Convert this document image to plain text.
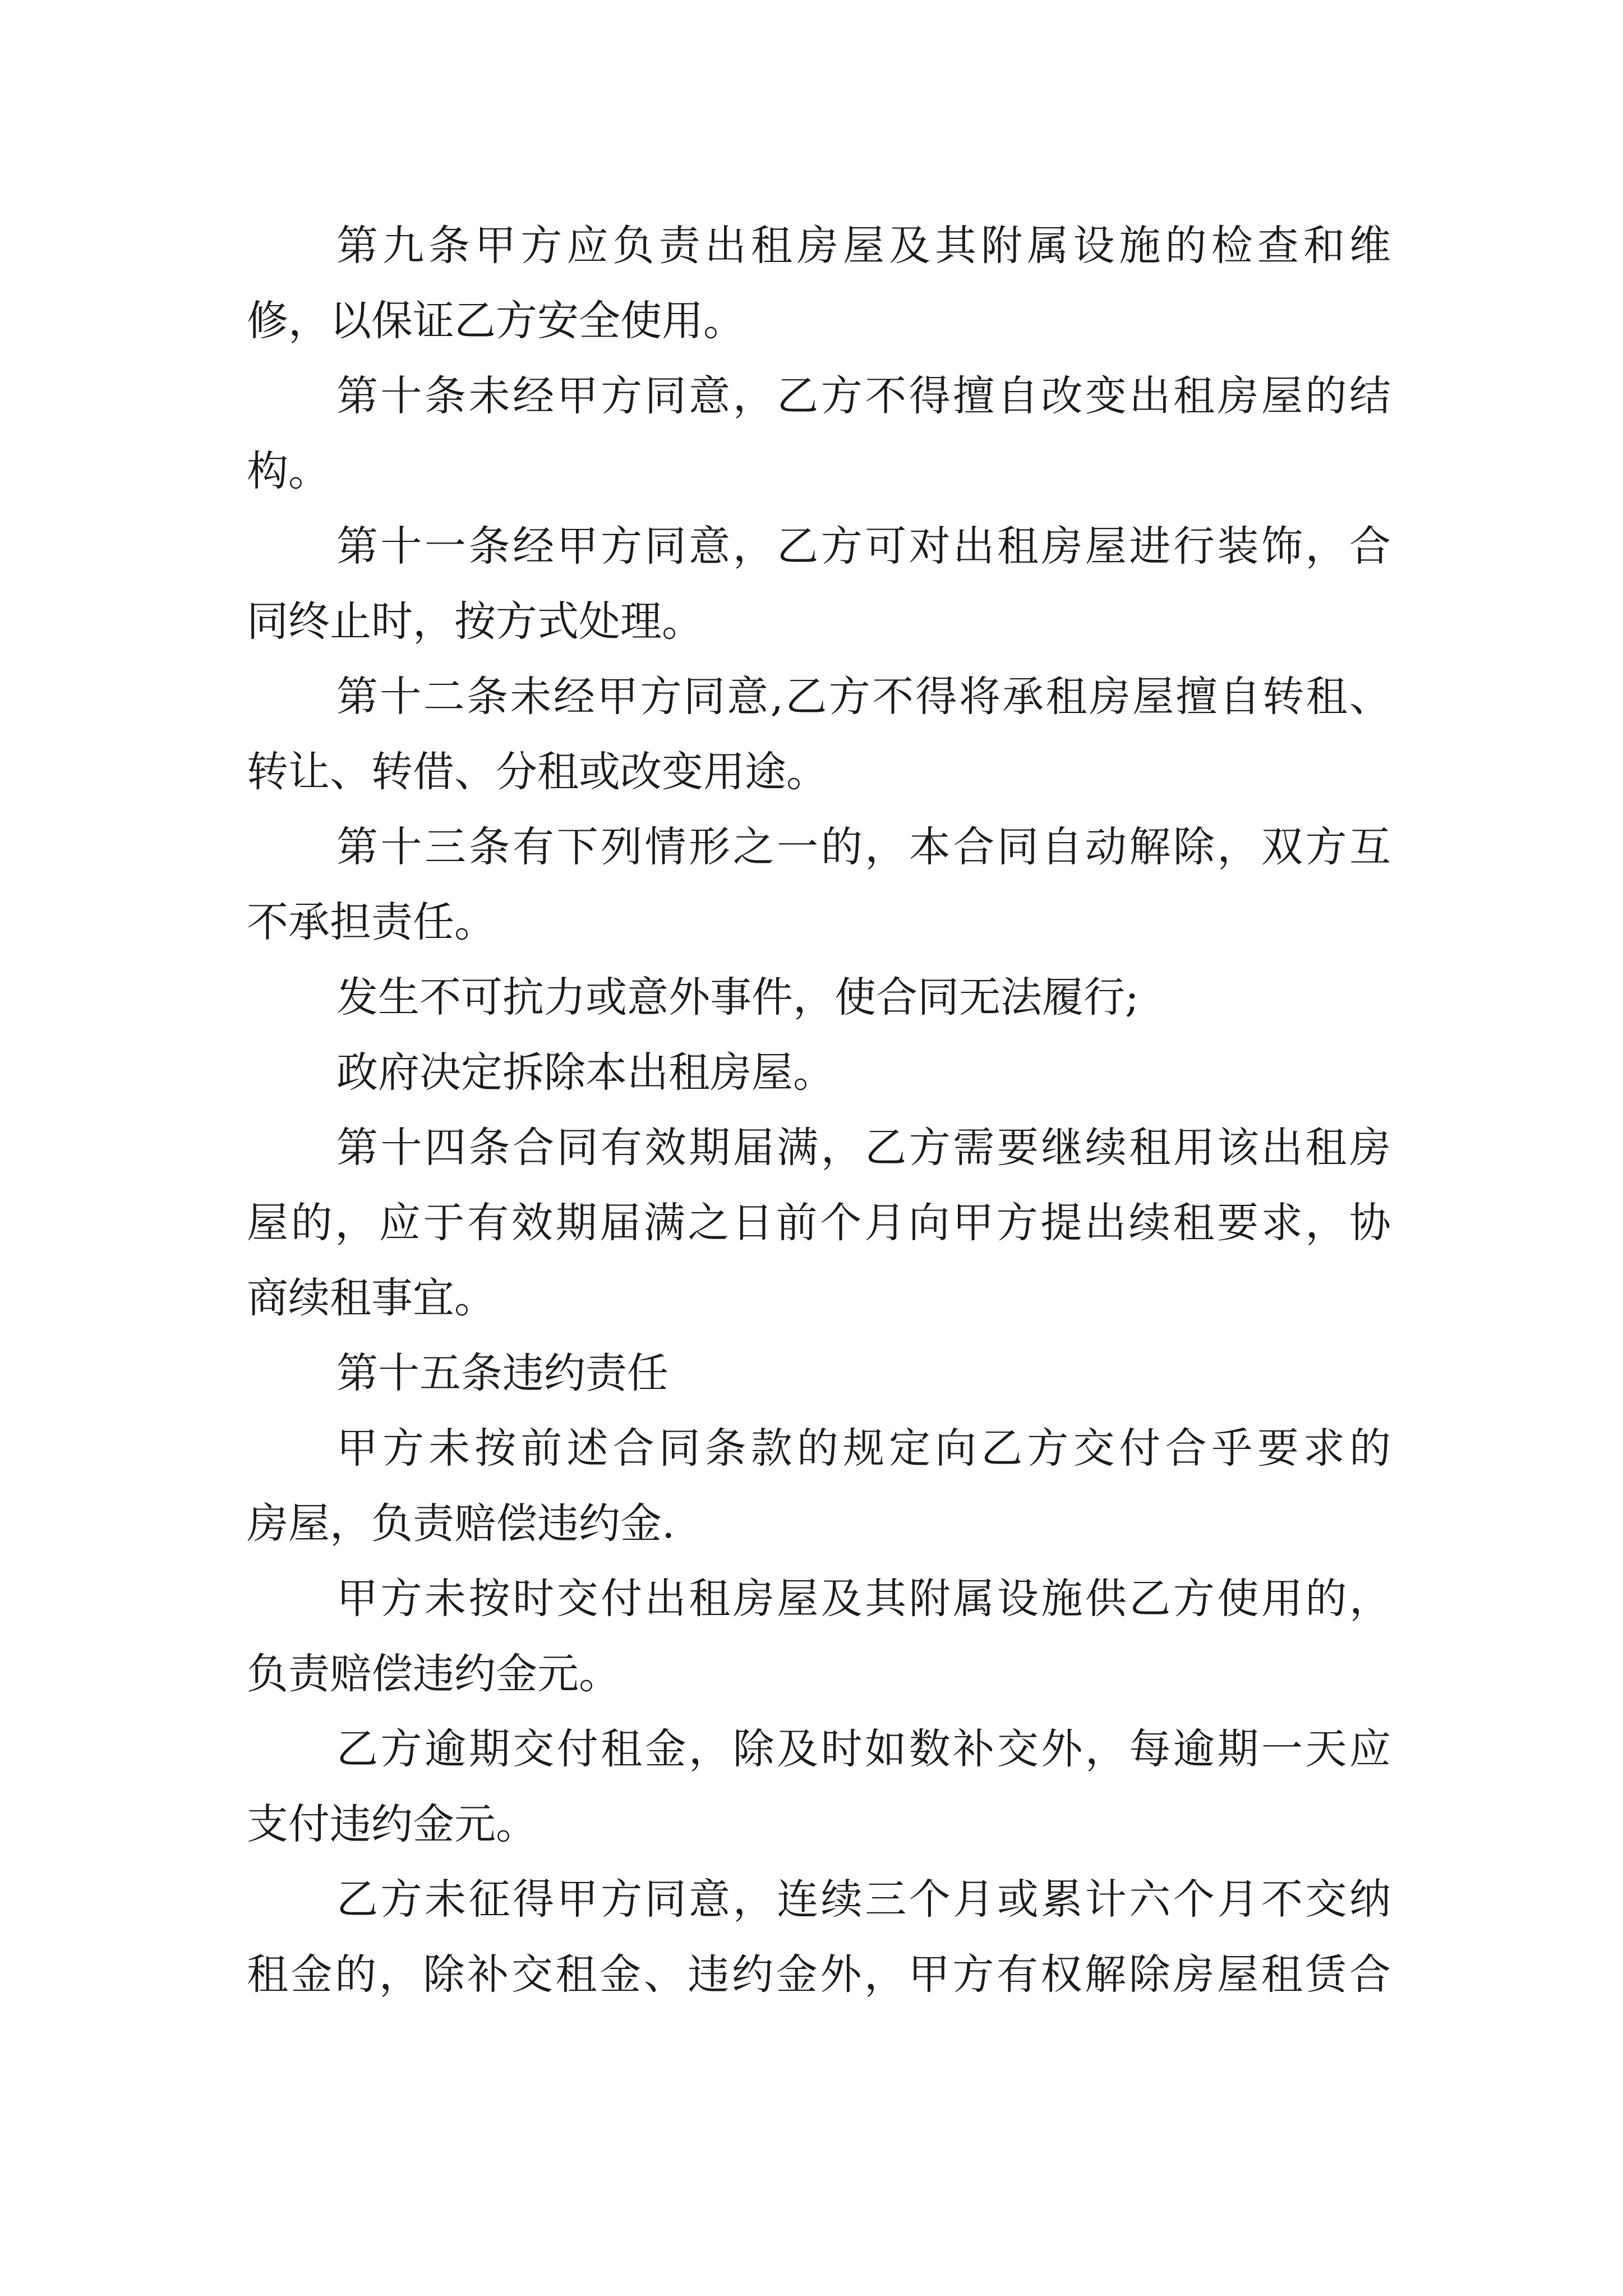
第九条甲方应负责出租房屋及其附属设施的检查和维
修，以保证乙方安全使用。
第十条未经甲方同意，乙方不得擅自改变出租房屋的结
构。
第十一条经甲方同意，乙方可对出租房屋进行装饰，合
同终止时，按方式处理。
第十二条未经甲方同意,乙方不得将承租房屋擅自转租、
转让、转借、分租或改变用途。
第十三条有下列情形之一的，本合同自动解除，双方互
不承担责任。
发生不可抗力或意外事件，使合同无法履行;
政府决定拆除本出租房屋。
第十四条合同有效期届满，乙方需要继续租用该出租房
屋的，应于有效期届满之日前个月向甲方提出续租要求，协
商续租事宜。
第十五条违约责任
甲方未按前述合同条款的规定向乙方交付合乎要求的
房屋，负责赔偿违约金.
甲方未按时交付出租房屋及其附属设施供乙方使用的，
负责赔偿违约金元。
乙方逾期交付租金，除及时如数补交外，每逾期一天应
支付违约金元。
乙方未征得甲方同意，连续三个月或累计六个月不交纳
租金的，除补交租金、违约金外，甲方有权解除房屋租赁合
